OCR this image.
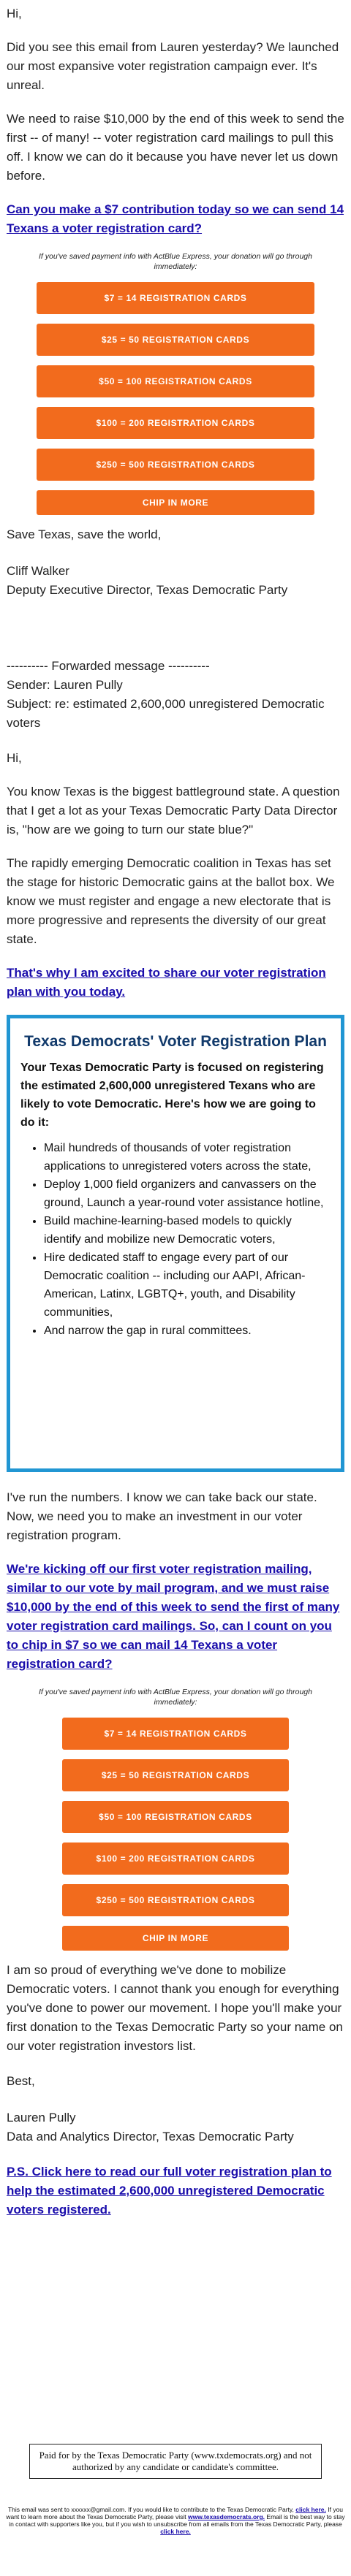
Hi,

Did you see this email from Lauren yesterday? We launched our most expansive voter registration campaign ever. It's unreal.

We need to raise $10,000 by the end of this week to send the first -- of many! -- voter registration card mailings to pull this off. I know we can do it because you have never let us down before.

Can you make a $7 contribution today so we can send 14 Texans a voter registration card?

If you've saved payment info with ActBlue Express, your donation will go through immediately:

$7 = 14 REGISTRATION CARDS
$25 = 50 REGISTRATION CARDS
$50 = 100 REGISTRATION CARDS
$100 = 200 REGISTRATION CARDS
$250 = 500 REGISTRATION CARDS
CHIP IN MORE

Save Texas, save the world,

Cliff Walker

Deputy Executive Director, Texas Democratic Party

---------- Forwarded message ----------

Sender: Lauren Pully

Subject: re: estimated 2,600,000 unregistered Democratic voters

Hi,

You know Texas is the biggest battleground state. A question that I get a lot as your Texas Democratic Party Data Director is, "how are we going to turn our state blue?"

The rapidly emerging Democratic coalition in Texas has set the stage for historic Democratic gains at the ballot box. We know we must register and engage a new electorate that is more progressive and represents the diversity of our great state.

That's why I am excited to share our voter registration plan with you today.

Texas Democrats' Voter Registration Plan

Your Texas Democratic Party is focused on registering the estimated 2,600,000 unregistered Texans who are likely to vote Democratic. Here's how we are going to do it:

• Mail hundreds of thousands of voter registration applications to unregistered voters across the state,
• Deploy 1,000 field organizers and canvassers on the ground, Launch a year-round voter assistance hotline,
• Build machine-learning-based models to quickly identify and mobilize new Democratic voters,
• Hire dedicated staff to engage every part of our Democratic coalition -- including our AAPI, African-American, Latinx, LGBTQ+, youth, and Disability communities,
• And narrow the gap in rural committees.

I've run the numbers. I know we can take back our state. Now, we need you to make an investment in our voter registration program.

We're kicking off our first voter registration mailing, similar to our vote by mail program, and we must raise $10,000 by the end of this week to send the first of many voter registration card mailings. So, can I count on you to chip in $7 so we can mail 14 Texans a voter registration card?

If you've saved payment info with ActBlue Express, your donation will go through immediately:

$7 = 14 REGISTRATION CARDS
$25 = 50 REGISTRATION CARDS
$50 = 100 REGISTRATION CARDS
$100 = 200 REGISTRATION CARDS
$250 = 500 REGISTRATION CARDS
CHIP IN MORE

I am so proud of everything we've done to mobilize Democratic voters. I cannot thank you enough for everything you've done to power our movement. I hope you'll make your first donation to the Texas Democratic Party so your name on our voter registration investors list.

Best,

Lauren Pully

Data and Analytics Director, Texas Democratic Party

P.S. Click here to read our full voter registration plan to help the estimated 2,600,000 unregistered Democratic voters registered.

Paid for by the Texas Democratic Party (www.txdemocrats.org) and not authorized by any candidate or candidate's committee.
This email was sent to xxxxxx@gmail.com. If you would like to contribute to the Texas Democratic Party, click here. If you want to learn more about the Texas Democratic Party, please visit www.texasdemocrats.org. Email is the best way to stay in contact with supporters like you, but if you wish to unsubscribe from all emails from the Texas Democratic Party, please click here.
